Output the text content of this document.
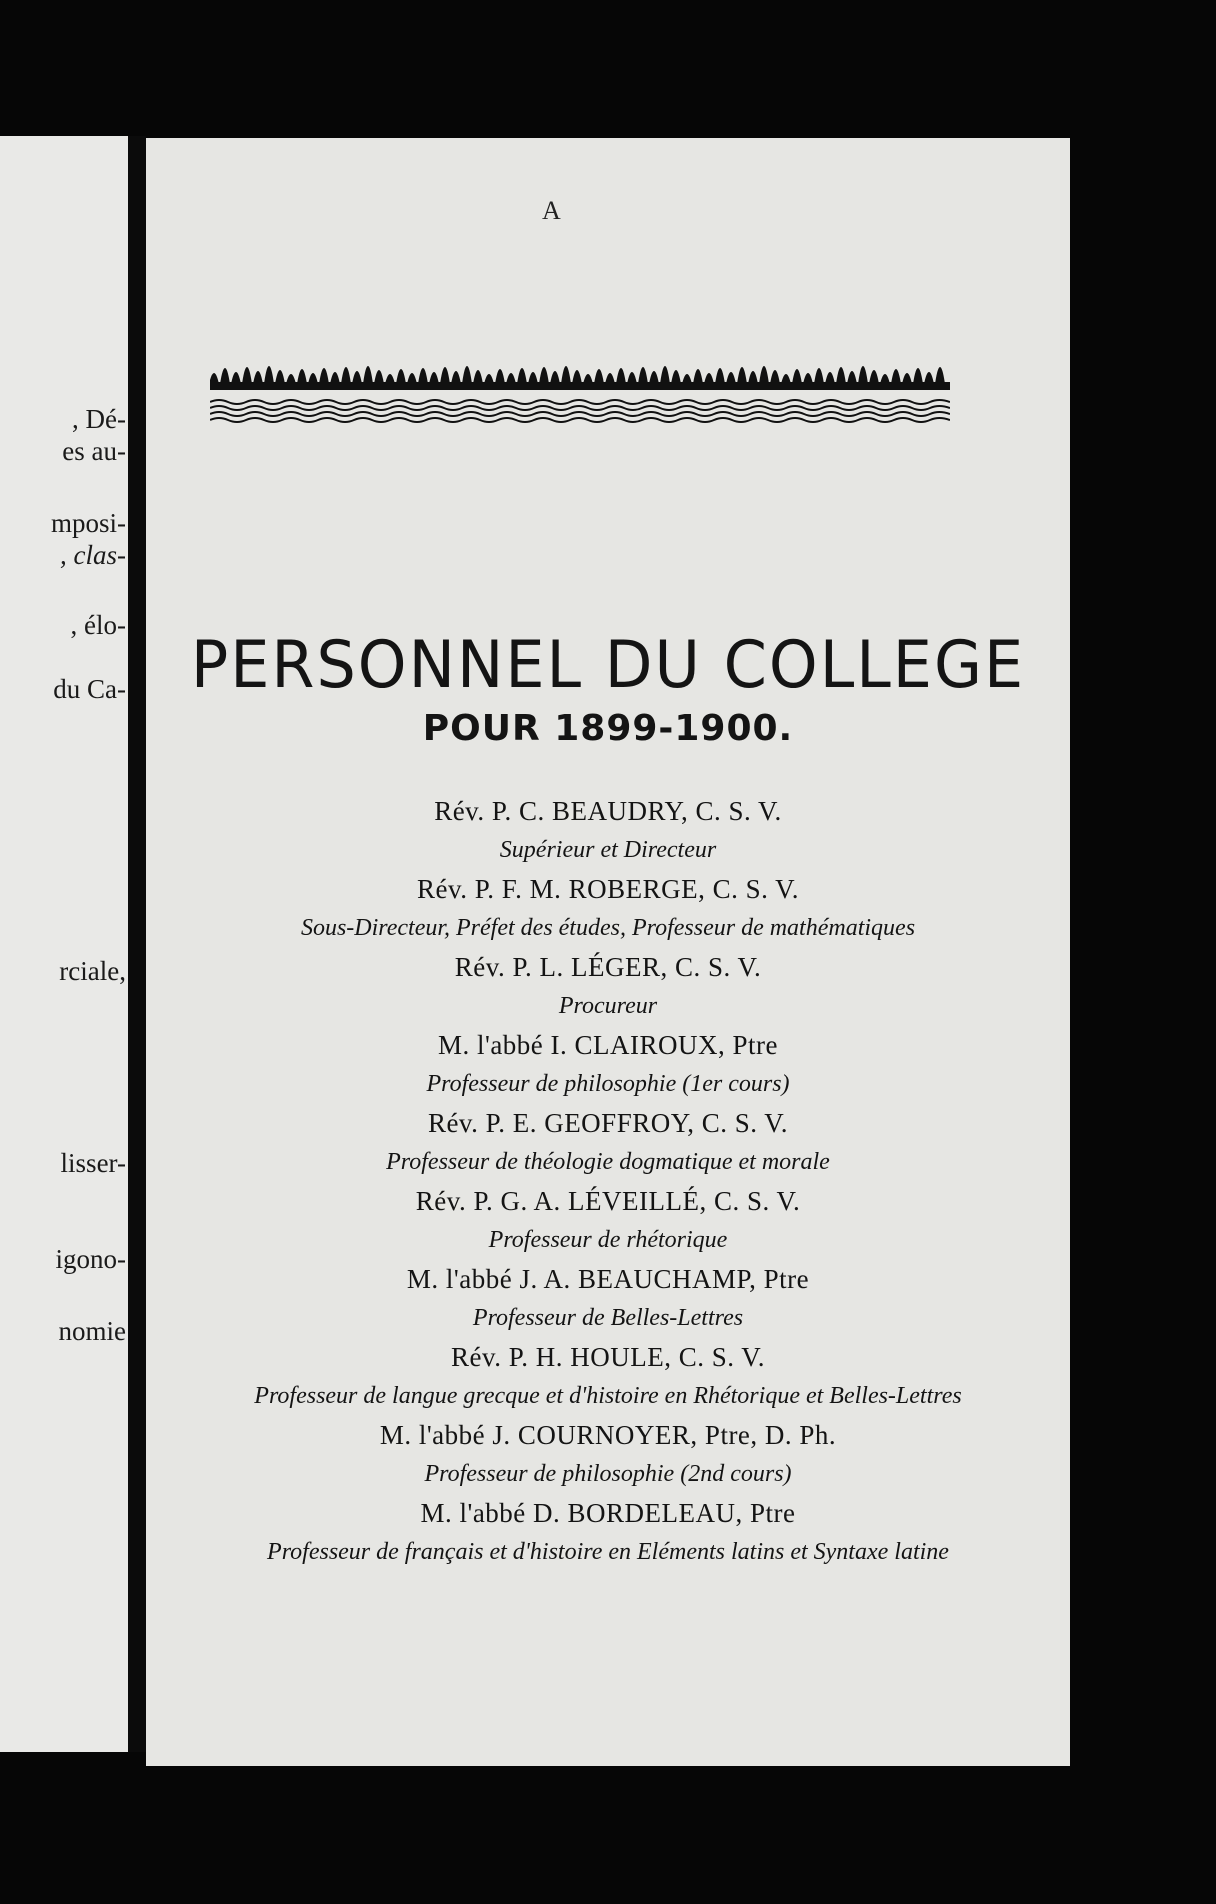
, Dé-
es au-
mposi-
, clas-
, élo-
du Ca-
rciale,
lisser-
igono-
nomie
A
PERSONNEL DU COLLEGE
POUR 1899-1900.
Rév. P. C. BEAUDRY, C. S. V.
Supérieur et Directeur
Rév. P. F. M. ROBERGE, C. S. V.
Sous-Directeur, Préfet des études, Professeur de mathématiques
Rév. P. L. LÉGER, C. S. V.
Procureur
M. l'abbé I. CLAIROUX, Ptre
Professeur de philosophie (1er cours)
Rév. P. E. GEOFFROY, C. S. V.
Professeur de théologie dogmatique et morale
Rév. P. G. A. LÉVEILLÉ, C. S. V.
Professeur de rhétorique
M. l'abbé J. A. BEAUCHAMP, Ptre
Professeur de Belles-Lettres
Rév. P. H. HOULE, C. S. V.
Professeur de langue grecque et d'histoire en Rhétorique et Belles-Lettres
M. l'abbé J. COURNOYER, Ptre, D. Ph.
Professeur de philosophie (2nd cours)
M. l'abbé D. BORDELEAU, Ptre
Professeur de français et d'histoire en Eléments latins et Syntaxe latine
